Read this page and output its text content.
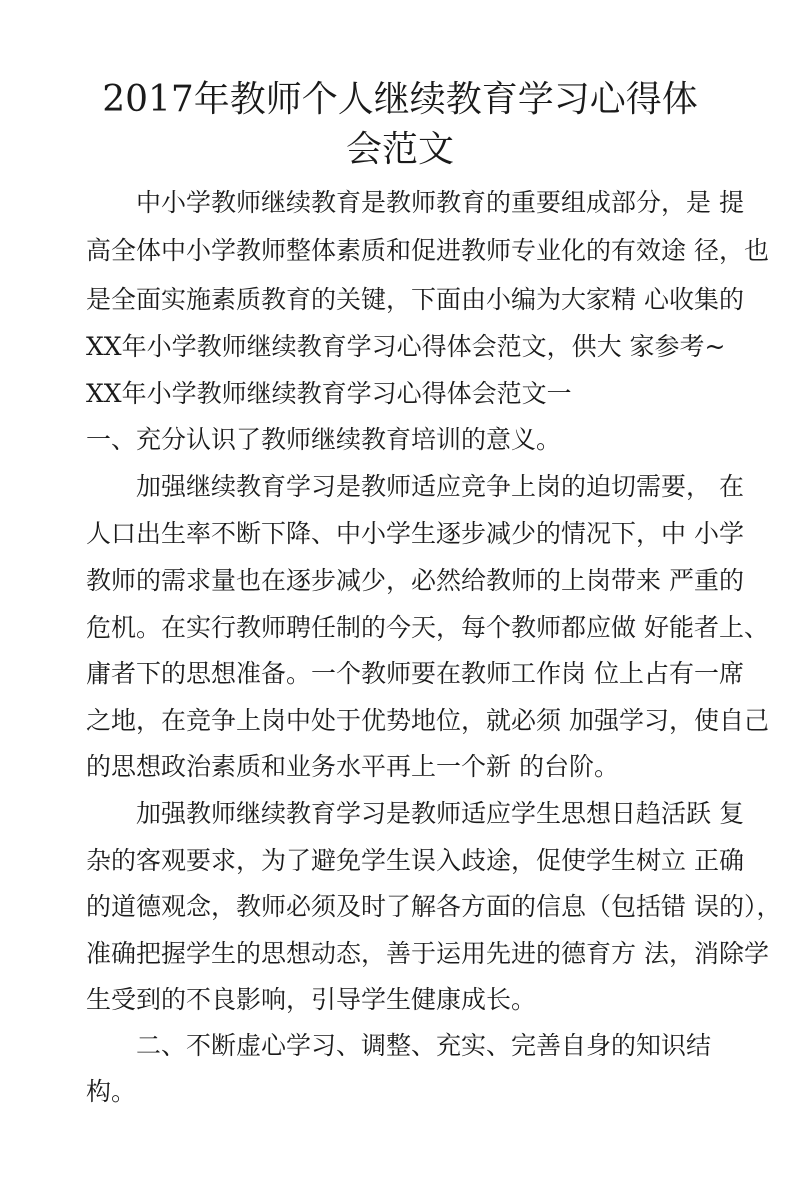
2017年教师个人继续教育学习心得体
会范文

中小学教师继续教育是教师教育的重要组成部分，是 提

高全体中小学教师整体素质和促进教师专业化的有效途 径，也

是全面实施素质教育的关键，下面由小编为大家精 心收集的

XX年小学教师继续教育学习心得体会范文，供大 家参考~

XX年小学教师继续教育学习心得体会范文一

一、充分认识了教师继续教育培训的意义。

加强继续教育学习是教师适应竞争上岗的迫切需要， 在

人口出生率不断下降、中小学生逐步减少的情况下，中 小学

教师的需求量也在逐步减少，必然给教师的上岗带来 严重的

危机。在实行教师聘任制的今天，每个教师都应做 好能者上、

庸者下的思想准备。一个教师要在教师工作岗 位上占有一席

之地，在竞争上岗中处于优势地位，就必须 加强学习，使自己

的思想政治素质和业务水平再上一个新 的台阶。

加强教师继续教育学习是教师适应学生思想日趋活跃 复

杂的客观要求，为了避免学生误入歧途，促使学生树立 正确

的道德观念，教师必须及时了解各方面的信息（包括错 误的），

准确把握学生的思想动态，善于运用先进的德育方 法，消除学

生受到的不良影响，引导学生健康成长。

二、不断虚心学习、调整、充实、完善自身的知识结

构。
